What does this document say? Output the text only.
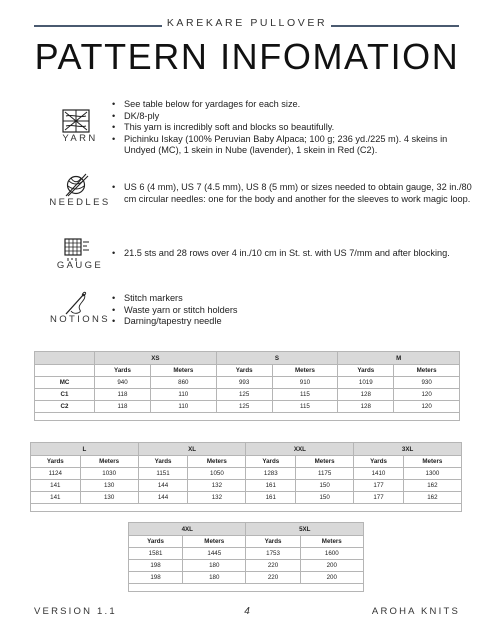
KAREKARE PULLOVER
PATTERN INFOMATION
YARN
• See table below for yardages for each size.
• DK/8-ply
• This yarn is incredibly soft and blocks so beautifully.
• Pichinku Iskay (100% Peruvian Baby Alpaca; 100 g; 236 yd./225 m). 4 skeins in Undyed (MC), 1 skein in Nube (lavender), 1 skein in Red (C2).
NEEDLES
• US 6 (4 mm), US 7 (4.5 mm), US 8 (5 mm) or sizes needed to obtain gauge, 32 in./80 cm circular needles: one for the body and another for the sleeves to work magic loop.
GAUGE
• 21.5 sts and 28 rows over 4 in./10 cm in St. st. with US 7/mm and after blocking.
NOTIONS
• Stitch markers
• Waste yarn or stitch holders
• Darning/tapestry needle
	XS		S		M	
	Yards	Meters	Yards	Meters	Yards	Meters
MC	940	860	993	910	1019	930
C1	118	110	125	115	128	120
C2	118	110	125	115	128	120

L		XL		XXL		3XL	
Yards	Meters	Yards	Meters	Yards	Meters	Yards	Meters
1124	1030	1151	1050	1283	1175	1410	1300
141	130	144	132	161	150	177	162
141	130	144	132	161	150	177	162

4XL		5XL	
Yards	Meters	Yards	Meters
1581	1445	1753	1600
198	180	220	200
198	180	220	200

VERSION 1.1	4	AROHA KNITS
